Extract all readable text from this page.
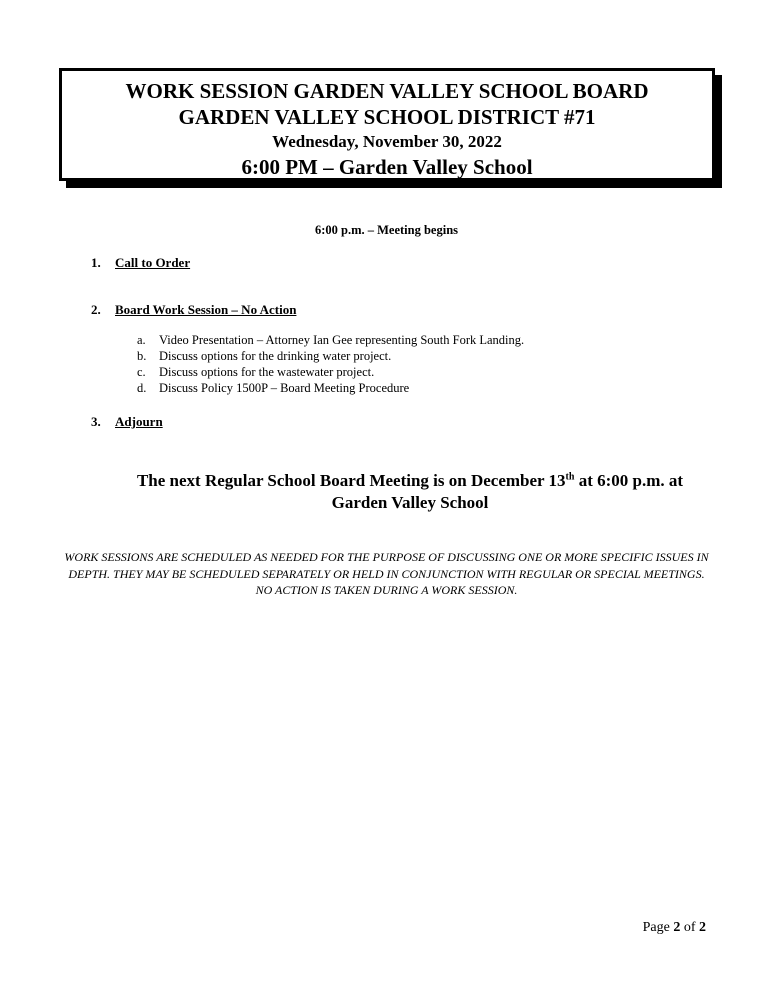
WORK SESSION GARDEN VALLEY SCHOOL BOARD
GARDEN VALLEY SCHOOL DISTRICT #71
Wednesday, November 30, 2022
6:00 PM – Garden Valley School
6:00 p.m. – Meeting begins
1. Call to Order
2. Board Work Session – No Action
a. Video Presentation – Attorney Ian Gee representing South Fork Landing.
b. Discuss options for the drinking water project.
c. Discuss options for the wastewater project.
d. Discuss Policy 1500P – Board Meeting Procedure
3. Adjourn
The next Regular School Board Meeting is on December 13th at 6:00 p.m. at
Garden Valley School
WORK SESSIONS ARE SCHEDULED AS NEEDED FOR THE PURPOSE OF DISCUSSING ONE OR MORE SPECIFIC ISSUES IN DEPTH. THEY MAY BE SCHEDULED SEPARATELY OR HELD IN CONJUNCTION WITH REGULAR OR SPECIAL MEETINGS. NO ACTION IS TAKEN DURING A WORK SESSION.
Page 2 of 2
